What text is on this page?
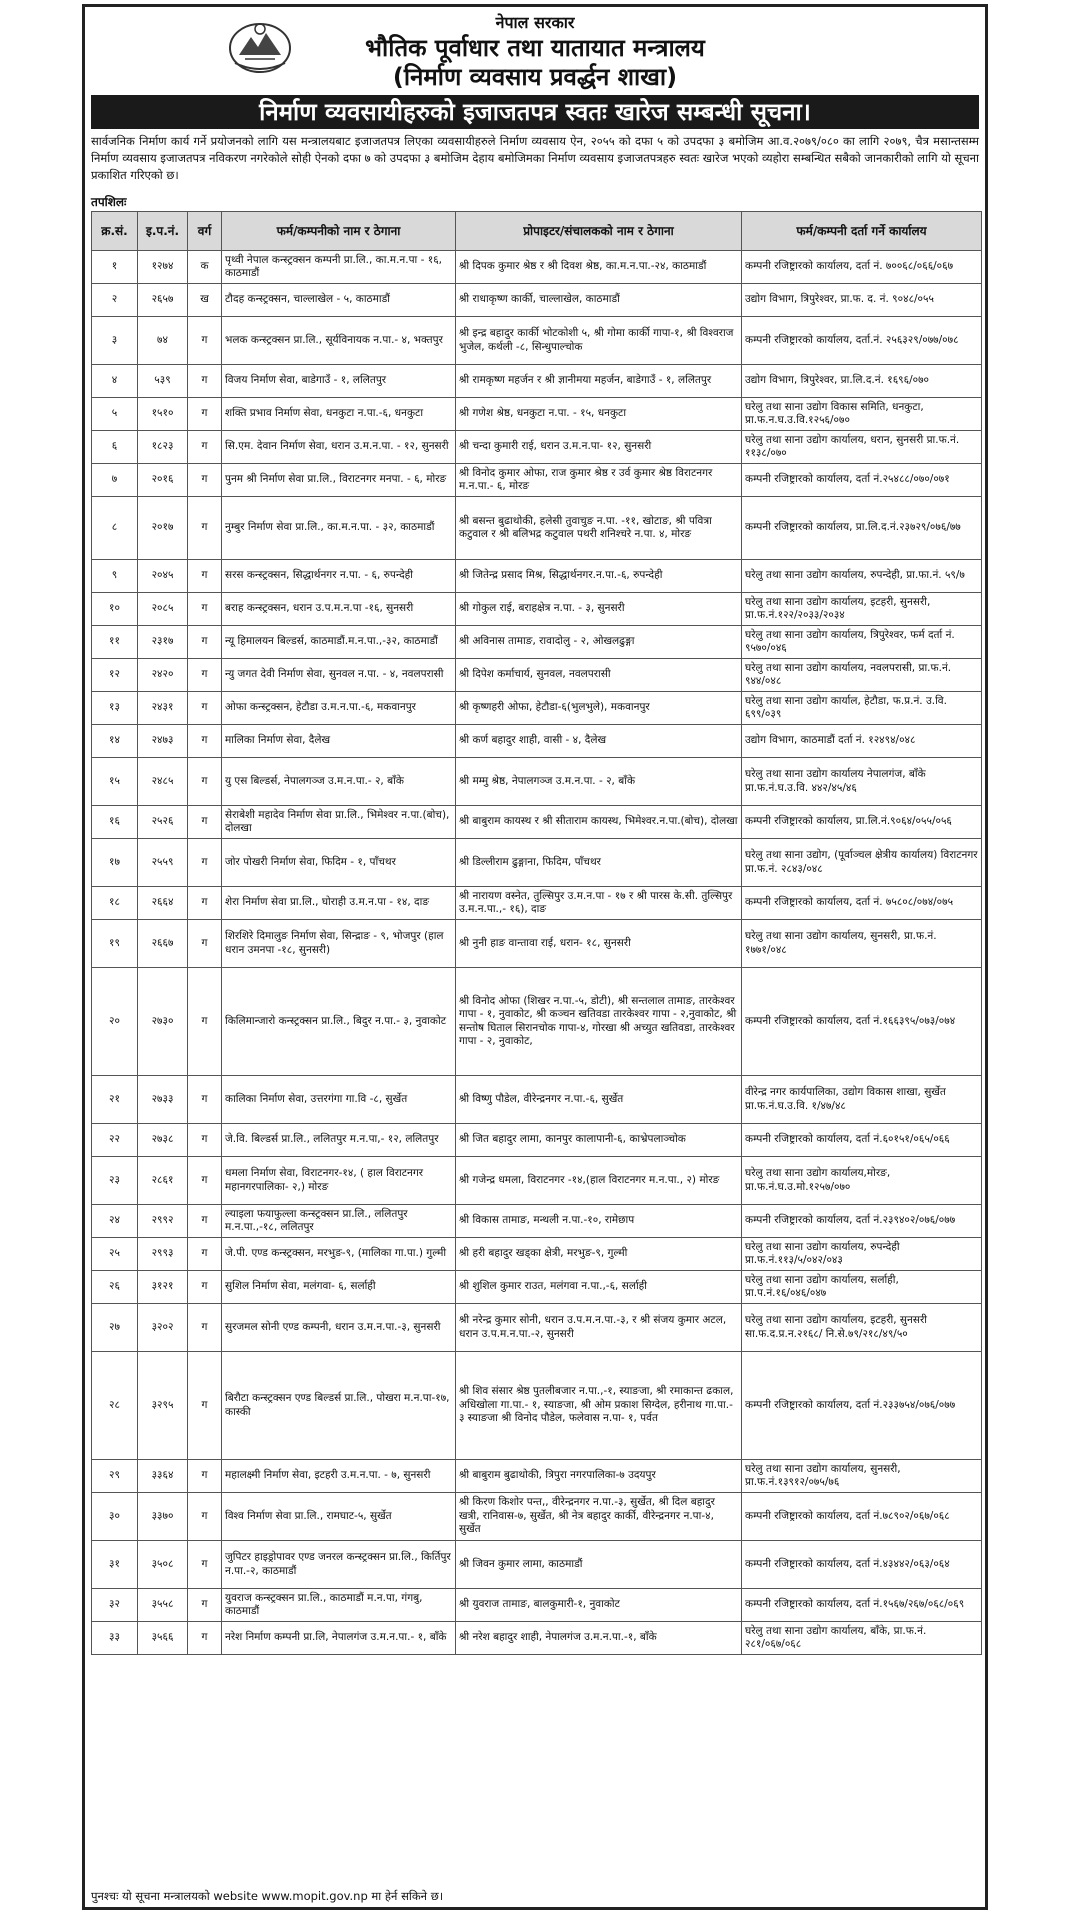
नेपाल सरकार
भौतिक पूर्वाधार तथा यातायात मन्त्रालय
(निर्माण व्यवसाय प्रवर्द्धन शाखा)
निर्माण व्यवसायीहरुको इजाजतपत्र स्वतः खारेज सम्बन्धी सूचना।
सार्वजनिक निर्माण कार्य गर्ने प्रयोजनको लागि यस मन्त्रालयबाट इजाजतपत्र लिएका व्यवसायीहरुले निर्माण व्यवसाय ऐन, २०५५ को दफा ५ को उपदफा ३ बमोजिम आ.व.२०७९/०८० का लागि २०७९, चैत्र मसान्तसम्म निर्माण व्यवसाय इजाजतपत्र नविकरण नगरेकोले सोही ऐनको दफा ७ को उपदफा ३ बमोजिम देहाय बमोजिमका निर्माण व्यवसाय इजाजतपत्रहरु स्वतः खारेज भएको व्यहोरा सम्बन्धित सबैको जानकारीको लागि यो सूचना प्रकाशित गरिएको छ।
तपशिलः
क्र.सं.	इ.प.नं.	वर्ग	फर्म/कम्पनीको नाम र ठेगाना	प्रोपाइटर/संचालकको नाम र ठेगाना	फर्म/कम्पनी दर्ता गर्ने कार्यालय
१	१२७४	क	पृथ्वी नेपाल कन्स्ट्रक्सन कम्पनी प्रा.लि., का.म.न.पा - १६, काठमाडौं	श्री दिपक कुमार श्रेष्ठ र श्री दिवश श्रेष्ठ, का.म.न.पा.-२४, काठमाडौं	कम्पनी रजिष्ट्रारको कार्यालय, दर्ता नं. ७००६८/०६६/०६७
२	२६५७	ख	टौदह कन्स्ट्रक्सन, चाल्लाखेल - ५, काठमाडौं	श्री राधाकृष्ण कार्की, चाल्लाखेल, काठमाडौं	उद्योग विभाग, त्रिपुरेश्वर, प्रा.फ. द. नं. ९०४८/०५५
३	७४	ग	भलक कन्स्ट्रक्सन प्रा.लि., सूर्यविनायक न.पा.- ४, भक्तपुर	श्री इन्द्र बहादुर कार्की भोटकोशी ५, श्री गोमा कार्की गापा-१, श्री विश्वराज भुजेल, कर्थली -८, सिन्धुपाल्चोक	कम्पनी रजिष्ट्रारको कार्यालय, दर्ता.नं. २५६३२९/०७७/०७८
४	५३९	ग	विजय निर्माण सेवा, बाडेगाउँ - १, ललितपुर	श्री रामकृष्ण महर्जन र श्री ज्ञानीमया महर्जन, बाडेगाउँ - १, ललितपुर	उद्योग विभाग, त्रिपुरेश्वर, प्रा.लि.द.नं. १६९६/०७०
५	१५१०	ग	शक्ति प्रभाव निर्माण सेवा, धनकुटा न.पा.-६, धनकुटा	श्री गणेश श्रेष्ठ, धनकुटा न.पा. - १५, धनकुटा	घरेलु तथा साना उद्योग विकास समिति, धनकुटा, प्रा.फ.न.घ.उ.वि.१२५६/०७०
६	१८२३	ग	सि.एम. देवान निर्माण सेवा, धरान उ.म.न.पा. - १२, सुनसरी	श्री चन्दा कुमारी राई, धरान उ.म.न.पा- १२, सुनसरी	घरेलु तथा साना उद्योग कार्यालय, धरान, सुनसरी प्रा.फ.नं. ११३८/०७०
७	२०१६	ग	पुनम श्री निर्माण सेवा प्रा.लि., विराटनगर मनपा. - ६, मोरङ	श्री विनोद कुमार ओफा, राज कुमार श्रेष्ठ र उर्व कुमार श्रेष्ठ विराटनगर म.न.पा.- ६, मोरङ	कम्पनी रजिष्ट्रारको कार्यालय, दर्ता नं.२५४८८/०७०/०७१
८	२०१७	ग	नुम्बुर निर्माण सेवा प्रा.लि., का.म.न.पा. - ३२, काठमाडौं	श्री बसन्त बुढाथोकी, हलेसी तुवाचुङ न.पा. -११, खोटाङ, श्री पवित्रा कटुवाल र श्री बलिभद्र कटुवाल पथरी शनिश्चरे न.पा. ४, मोरङ	कम्पनी रजिष्ट्रारको कार्यालय, प्रा.लि.द.नं.२३७२९/०७६/७७
९	२०४५	ग	सरस कन्स्ट्रक्सन, सिद्धार्थनगर न.पा. - ६, रुपन्देही	श्री जितेन्द्र प्रसाद मिश्र, सिद्धार्थनगर.न.पा.-६, रुपन्देही	घरेलु तथा साना उद्योग कार्यालय, रुपन्देही, प्रा.फा.नं. ५९/७
१०	२०८५	ग	बराह कन्स्ट्रक्सन, धरान उ.प.म.न.पा -१६, सुनसरी	श्री गोकुल राई, बराहक्षेत्र न.पा. - ३, सुनसरी	घरेलु तथा साना उद्योग कार्यालय, इटहरी, सुनसरी, प्रा.फ.नं.१२२/२०३३/२०३४
११	२३१७	ग	न्यू हिमालयन बिल्डर्स, काठमाडौं.म.न.पा.,-३२, काठमाडौं	श्री अविनास तामाङ, रावादोलु - २, ओखलढुङ्गा	घरेलु तथा साना उद्योग कार्यालय, त्रिपुरेश्वर, फर्म दर्ता नं. ९५७०/०४६
१२	२४२०	ग	न्यु जगत देवी निर्माण सेवा, सुनवल न.पा. - ४, नवलपरासी	श्री दिपेश कर्माचार्य, सुनवल, नवलपरासी	घरेलु तथा साना उद्योग कार्यालय, नवलपरासी, प्रा.फ.नं. ९४४/०४८
१३	२४३१	ग	ओफा कन्स्ट्रक्सन, हेटौडा उ.म.न.पा.-६, मकवानपुर	श्री कृष्णहरी ओफा, हेटौडा-६(भुलभुले), मकवानपुर	घरेलु तथा साना उद्योग कार्याल, हेटौडा, फ.प्र.नं. उ.वि. ६९९/०३९
१४	२४७३	ग	मालिका निर्माण सेवा, दैलेख	श्री कर्ण बहादुर शाही, वासी - ४, दैलेख	उद्योग विभाग, काठमाडौं दर्ता नं. १२४९४/०४८
१५	२४८५	ग	यु एस बिल्डर्स, नेपालगञ्ज उ.म.न.पा.- २, बाँके	श्री मम्मु श्रेष्ठ, नेपालगञ्ज उ.म.न.पा. - २, बाँके	घरेलु तथा साना उद्योग कार्यालय नेपालगंज, बाँके प्रा.फ.नं.घ.उ.वि. ४४२/४५/४६
१६	२५२६	ग	सेराबेशी महादेव निर्माण सेवा प्रा.लि., भिमेश्वर न.पा.(बोच), दोलखा	श्री बाबुराम कायस्थ र श्री सीताराम कायस्थ, भिमेश्वर.न.पा.(बोच), दोलखा	कम्पनी रजिष्ट्रारको कार्यालय, प्रा.लि.नं.९०६४/०५५/०५६
१७	२५५९	ग	जोर पोखरी निर्माण सेवा, फिदिम - १, पाँचथर	श्री डिल्लीराम ढुङ्गाना, फिदिम, पाँचथर	घरेलु तथा साना उद्योग, (पूर्वाञ्चल क्षेत्रीय कार्यालय) विराटनगर प्रा.फ.नं. २८४३/०४८
१८	२६६४	ग	शेरा निर्माण सेवा प्रा.लि., घोराही उ.म.न.पा - १४, दाङ	श्री नारायण वस्नेत, तुल्सिपुर उ.म.न.पा - १७ र श्री पारस के.सी. तुल्सिपुर उ.म.न.पा.,- १६), दाङ	कम्पनी रजिष्ट्रारको कार्यालय, दर्ता नं. ७५८०८/०७४/०७५
१९	२६६७	ग	शिरशिरे दिमालुङ निर्माण सेवा, सिन्द्राङ - ९, भोजपुर (हाल धरान उमनपा -१८, सुनसरी)	श्री नुनी हाङ वान्तावा राई, धरान- १८, सुनसरी	घरेलु तथा साना उद्योग कार्यालय, सुनसरी, प्रा.फ.नं. १७७१/०४८
२०	२७३०	ग	किलिमान्जारो कन्स्ट्रक्सन प्रा.लि., बिदुर न.पा.- ३, नुवाकोट	श्री विनोद ओफा (शिखर न.पा.-५, डोटी), श्री सन्तलाल तामाङ, तारकेश्वर गापा - १, नुवाकोट, श्री कञ्चन खतिवडा तारकेश्वर गापा - २,नुवाकोट, श्री सन्तोष घिताल सिरानचोक गापा-४, गोरखा श्री अच्युत खतिवडा, तारकेश्वर गापा - २, नुवाकोट,	कम्पनी रजिष्ट्रारको कार्यालय, दर्ता नं.१६६३९५/०७३/०७४
२१	२७३३	ग	कालिका निर्माण सेवा, उत्तरगंगा गा.वि -८, सुर्खेत	श्री विष्णु पौडेल, वीरेन्द्रनगर न.पा.-६, सुर्खेत	वीरेन्द्र नगर कार्यपालिका, उद्योग विकास शाखा, सुर्खेत प्रा.फ.नं.घ.उ.वि. १/४७/४८
२२	२७३८	ग	जे.वि. बिल्डर्स प्रा.लि., ललितपुर म.न.पा,- १२, ललितपुर	श्री जित बहादुर लामा, कानपुर कालापानी-६, काभ्रेपलाञ्चोक	कम्पनी रजिष्ट्रारको कार्यालय, दर्ता नं.६०१५१/०६५/०६६
२३	२८६१	ग	धमला निर्माण सेवा, विराटनगर-१४, ( हाल विराटनगर महानगरपालिका- २,) मोरङ	श्री गजेन्द्र धमला, विराटनगर -१४,(हाल विराटनगर म.न.पा., २) मोरङ	घरेलु तथा साना उद्योग कार्यालय,मोरङ, प्रा.फ.नं.घ.उ.मो.१२५७/०७०
२४	२९९२	ग	ल्याइला फयाफुल्ला कन्स्ट्रक्सन प्रा.लि., ललितपुर म.न.पा.,-१८, ललितपुर	श्री विकास तामाङ, मन्थली न.पा.-१०, रामेछाप	कम्पनी रजिष्ट्रारको कार्यालय, दर्ता नं.२३९४०२/०७६/०७७
२५	२९९३	ग	जे.पी. एण्ड कन्स्ट्रक्सन, मरभुङ-९, (मालिका गा.पा.) गुल्मी	श्री हरी बहादुर खड्का क्षेत्री, मरभुङ-९, गुल्मी	घरेलु तथा साना उद्योग कार्यालय, रुपन्देही प्रा.फ.नं.११३/५/०४२/०४३
२६	३१२१	ग	सुशिल निर्माण सेवा, मलंगवा- ६, सर्लाही	श्री शुशिल कुमार राउत, मलंगवा न.पा.,-६, सर्लाही	घरेलु तथा साना उद्योग कार्यालय, सर्लाही, प्रा.प.नं.१६/०४६/०४७
२७	३२०२	ग	सुरजमल सोनी एण्ड कम्पनी, धरान उ.म.न.पा.-३, सुनसरी	श्री नरेन्द्र कुमार सोनी, धरान उ.प.म.न.पा.-३, र श्री संजय कुमार अटल, धरान उ.प.म.न.पा.-२, सुनसरी	घरेलु तथा साना उद्योग कार्यालय, इटहरी, सुनसरी सा.फ.द.प्र.न.२१६८/ नि.से.७९/२१८/४९/५०
२८	३२९५	ग	बिरौटा कन्स्ट्रक्सन एण्ड बिल्डर्स प्रा.लि., पोखरा म.न.पा-१७, कास्की	श्री शिव संसार श्रेष्ठ पुतलीबजार न.पा.,-१, स्याङजा, श्री रमाकान्त ढकाल, अधिखोला गा.पा.- १, स्याङजा, श्री ओम प्रकाश सिग्देल, हरीनाथ गा.पा.- ३ स्याङजा श्री विनोद पौडेल, फलेवास न.पा- १, पर्वत	कम्पनी रजिष्ट्रारको कार्यालय, दर्ता नं.२३३७५४/०७६/०७७
२९	३३६४	ग	महालक्ष्मी निर्माण सेवा, इटहरी उ.म.न.पा. - ७, सुनसरी	श्री बाबुराम बुढाथोकी, त्रिपुरा नगरपालिका-७ उदयपुर	घरेलु तथा साना उद्योग कार्यालय, सुनसरी, प्रा.फ.नं.१३९१२/०७५/७६
३०	३३७०	ग	विश्व निर्माण सेवा प्रा.लि., रामघाट-५, सुर्खेत	श्री किरण किशोर पन्त,, वीरेन्द्रनगर न.पा.-३, सुर्खेत, श्री दिल बहादुर खत्री, रानिवास-७, सुर्खेत, श्री नेत्र बहादुर कार्की, वीरेन्द्रनगर न.पा-४, सुर्खेत	कम्पनी रजिष्ट्रारको कार्यालय, दर्ता नं.७८९०२/०६७/०६८
३१	३५०८	ग	जुपिटर हाइड्रोपावर एण्ड जनरल कन्स्ट्रक्सन प्रा.लि., किर्तिपुर न.पा.-२, काठमाडौं	श्री जिवन कुमार लामा, काठमाडौं	कम्पनी रजिष्ट्रारको कार्यालय, दर्ता नं.४३४४२/०६३/०६४
३२	३५५८	ग	युवराज कन्स्ट्रक्सन प्रा.लि., काठमाडौं म.न.पा, गंगबु, काठमाडौं	श्री युवराज तामाङ, बालकुमारी-१, नुवाकोट	कम्पनी रजिष्ट्रारको कार्यालय, दर्ता नं.१५६७/२६७/०६८/०६९
३३	३५६६	ग	नरेश निर्माण कम्पनी प्रा.लि, नेपालगंज उ.म.न.पा.- १, बाँके	श्री नरेश बहादुर शाही, नेपालगंज उ.म.न.पा.-१, बाँके	घरेलु तथा साना उद्योग कार्यालय, बाँके, प्रा.फ.नं. २८१/०६७/०६८
पुनश्चः यो सूचना मन्त्रालयको website www.mopit.gov.np मा हेर्न सकिने छ।
